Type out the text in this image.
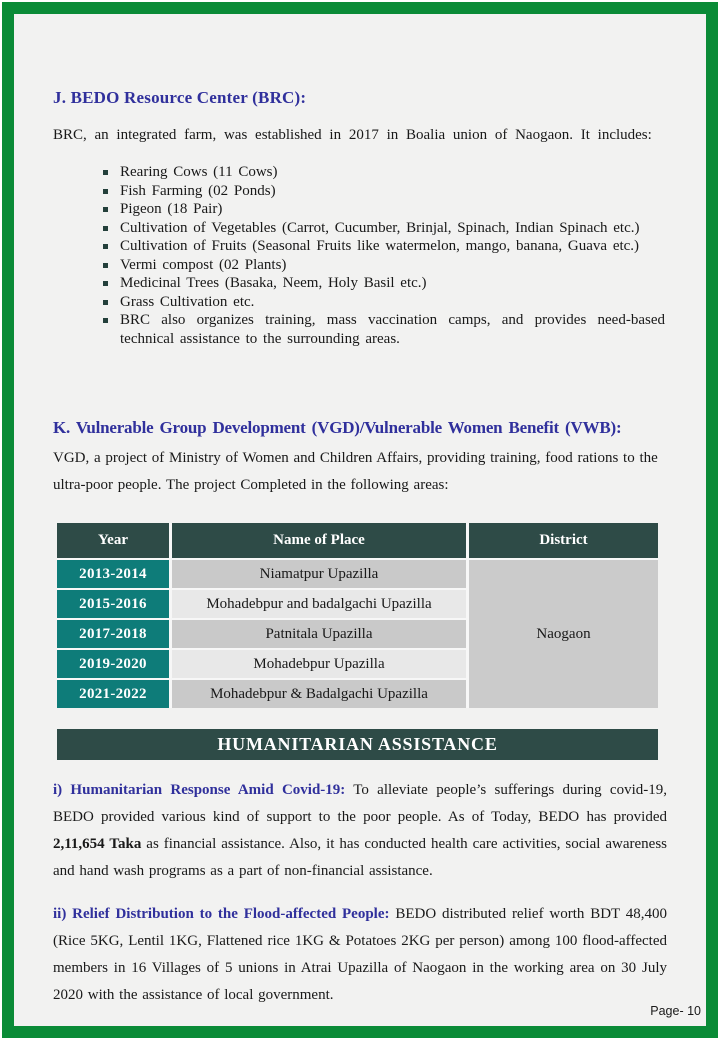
J. BEDO Resource Center (BRC):
BRC, an integrated farm, was established in 2017 in Boalia union of Naogaon. It includes:
Rearing Cows (11 Cows)
Fish Farming (02 Ponds)
Pigeon (18 Pair)
Cultivation of Vegetables (Carrot, Cucumber, Brinjal, Spinach, Indian Spinach etc.)
Cultivation of Fruits (Seasonal Fruits like watermelon, mango, banana, Guava etc.)
Vermi compost (02 Plants)
Medicinal Trees (Basaka, Neem, Holy Basil etc.)
Grass Cultivation etc.
BRC also organizes training, mass vaccination camps, and provides need-based technical assistance to the surrounding areas.
K. Vulnerable Group Development (VGD)/Vulnerable Women Benefit (VWB):
VGD, a project of Ministry of Women and Children Affairs, providing training, food rations to the ultra-poor people. The project Completed in the following areas:
Year	Name of Place	District
Naogaon
2013-2014	Niamatpur Upazilla
2015-2016	Mohadebpur and badalgachi Upazilla
2017-2018	Patnitala Upazilla
2019-2020	Mohadebpur Upazilla
2021-2022	Mohadebpur & Badalgachi Upazilla
HUMANITARIAN ASSISTANCE

i) Humanitarian Response Amid Covid-19: To alleviate people’s sufferings during covid-19, BEDO provided various kind of support to the poor people. As of Today, BEDO has provided 2,11,654 Taka as financial assistance. Also, it has conducted health care activities, social awareness and hand wash programs as a part of non-financial assistance.

ii) Relief Distribution to the Flood-affected People: BEDO distributed relief worth BDT 48,400 (Rice 5KG, Lentil 1KG, Flattened rice 1KG & Potatoes 2KG per person) among 100 flood-affected members in 16 Villages of 5 unions in Atrai Upazilla of Naogaon in the working area on 30 July 2020 with the assistance of local government.

Page- 10
